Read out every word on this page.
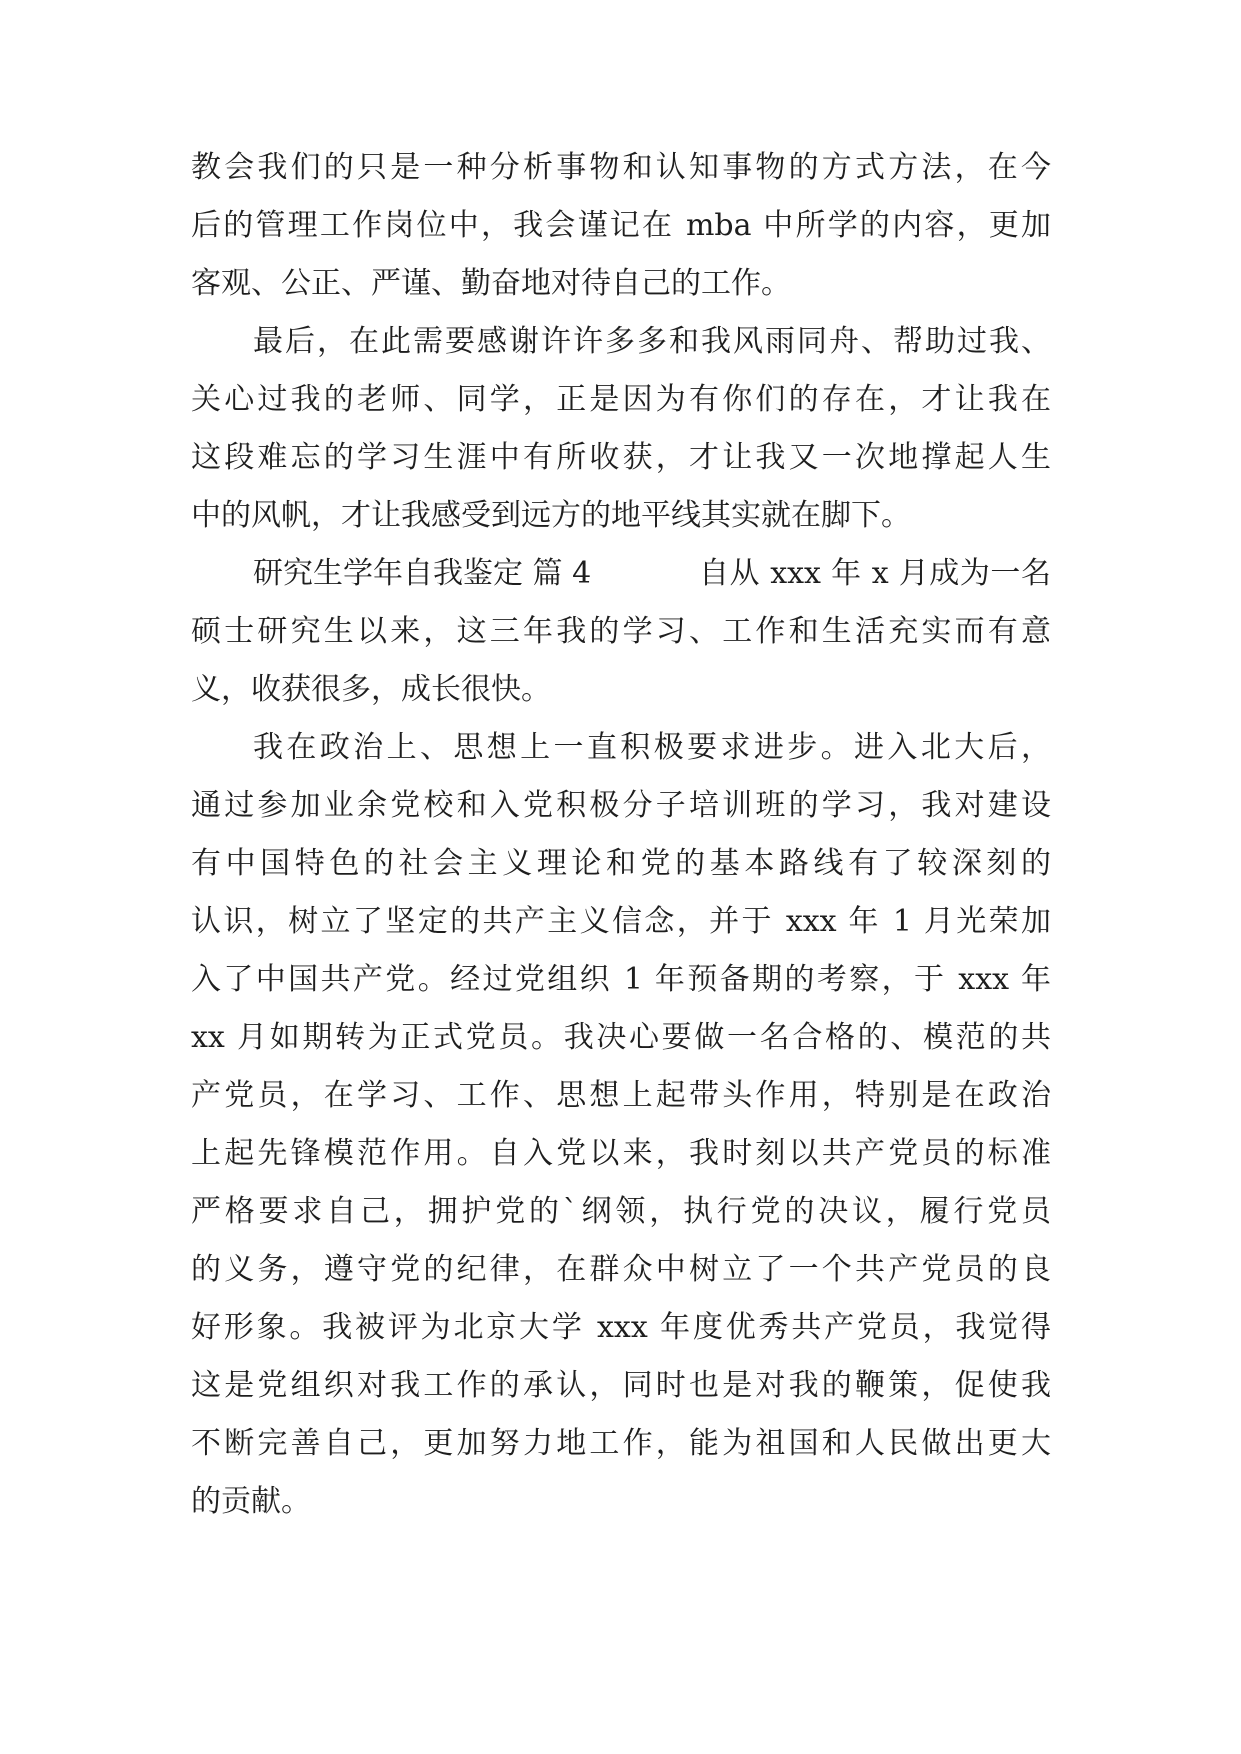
教会我们的只是一种分析事物和认知事物的方式方法，在今

后的管理工作岗位中，我会谨记在 mba 中所学的内容，更加

客观、公正、严谨、勤奋地对待自己的工作。

最后，在此需要感谢许许多多和我风雨同舟、帮助过我、

关心过我的老师、同学，正是因为有你们的存在，才让我在

这段难忘的学习生涯中有所收获，才让我又一次地撑起人生

中的风帆，才让我感受到远方的地平线其实就在脚下。

研究生学年自我鉴定 篇 4	自从 xxx 年 x 月成为一名

硕士研究生以来，这三年我的学习、工作和生活充实而有意

义，收获很多，成长很快。

我在政治上、思想上一直积极要求进步。进入北大后，

通过参加业余党校和入党积极分子培训班的学习，我对建设

有中国特色的社会主义理论和党的基本路线有了较深刻的

认识，树立了坚定的共产主义信念，并于 xxx 年 1 月光荣加

入了中国共产党。经过党组织 1 年预备期的考察，于 xxx 年

xx 月如期转为正式党员。我决心要做一名合格的、模范的共

产党员，在学习、工作、思想上起带头作用，特别是在政治

上起先锋模范作用。自入党以来，我时刻以共产党员的标准

严格要求自己，拥护党的`纲领，执行党的决议，履行党员

的义务，遵守党的纪律，在群众中树立了一个共产党员的良

好形象。我被评为北京大学 xxx 年度优秀共产党员，我觉得

这是党组织对我工作的承认，同时也是对我的鞭策，促使我

不断完善自己，更加努力地工作，能为祖国和人民做出更大

的贡献。
